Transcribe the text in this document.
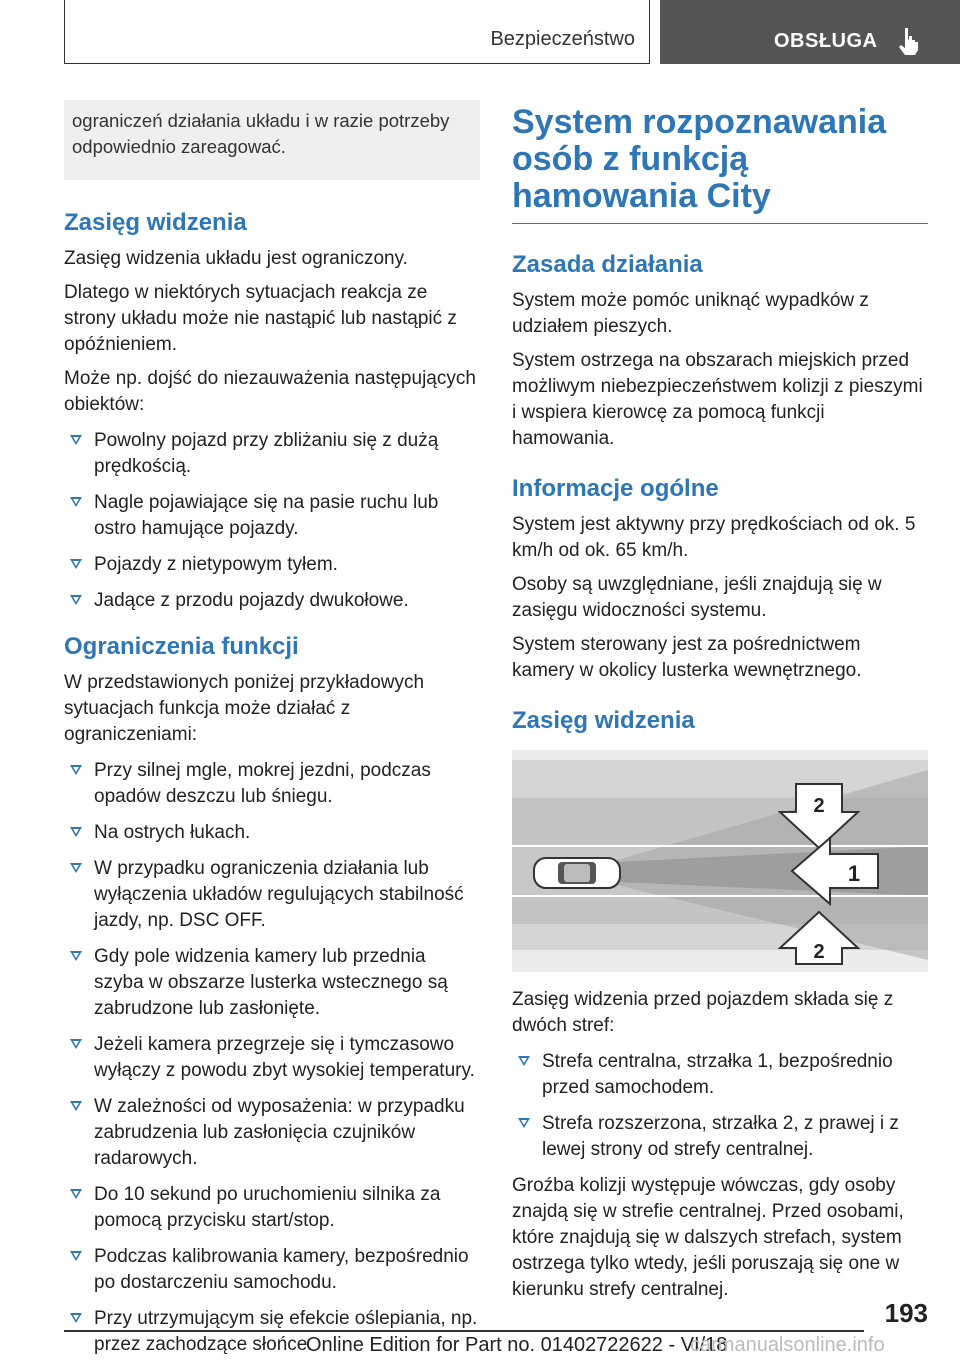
Bezpieczeństwo	OBSŁUGA
ograniczeń działania układu i w razie potrzeby odpowiednio zareagować.
Zasięg widzenia

Zasięg widzenia układu jest ograniczony.

Dlatego w niektórych sytuacjach reakcja ze strony układu może nie nastąpić lub nastąpić z opóźnieniem.

Może np. dojść do niezauważenia następujących obiektów:

Powolny pojazd przy zbliżaniu się z dużą prędkością.
Nagle pojawiające się na pasie ruchu lub ostro hamujące pojazdy.
Pojazdy z nietypowym tyłem.
Jadące z przodu pojazdy dwukołowe.
Ograniczenia funkcji

W przedstawionych poniżej przykładowych sytuacjach funkcja może działać z ograniczeniami:

Przy silnej mgle, mokrej jezdni, podczas opadów deszczu lub śniegu.
Na ostrych łukach.
W przypadku ograniczenia działania lub wyłączenia układów regulujących stabilność jazdy, np. DSC OFF.
Gdy pole widzenia kamery lub przednia szyba w obszarze lusterka wstecznego są zabrudzone lub zasłonięte.
Jeżeli kamera przegrzeje się i tymczasowo wyłączy z powodu zbyt wysokiej temperatury.
W zależności od wyposażenia: w przypadku zabrudzenia lub zasłonięcia czujników radarowych.
Do 10 sekund po uruchomieniu silnika za pomocą przycisku start/stop.
Podczas kalibrowania kamery, bezpośrednio po dostarczeniu samochodu.
Przy utrzymującym się efekcie oślepiania, np. przez zachodzące słońce.
System rozpoznawania osób z funkcją hamowania City
Zasada działania

System może pomóc uniknąć wypadków z udziałem pieszych.

System ostrzega na obszarach miejskich przed możliwym niebezpieczeństwem kolizji z pieszymi i wspiera kierowcę za pomocą funkcji hamowania.

Informacje ogólne

System jest aktywny przy prędkościach od ok. 5 km/h od ok. 65 km/h.

Osoby są uwzględniane, jeśli znajdują się w zasięgu widoczności systemu.

System sterowany jest za pośrednictwem kamery w okolicy lusterka wewnętrznego.

Zasięg widzenia
2
1
2

Zasięg widzenia przed pojazdem składa się z dwóch stref:

Strefa centralna, strzałka 1, bezpośrednio przed samochodem.
Strefa rozszerzona, strzałka 2, z prawej i z lewej strony od strefy centralnej.

Groźba kolizji występuje wówczas, gdy osoby znajdą się w strefie centralnej. Przed osobami, które znajdują się w dalszych strefach, system ostrzega tylko wtedy, jeśli poruszają się one w kierunku strefy centralnej.

193
Online Edition for Part no. 01402722622 - VI/18
carmanualsonline.info
